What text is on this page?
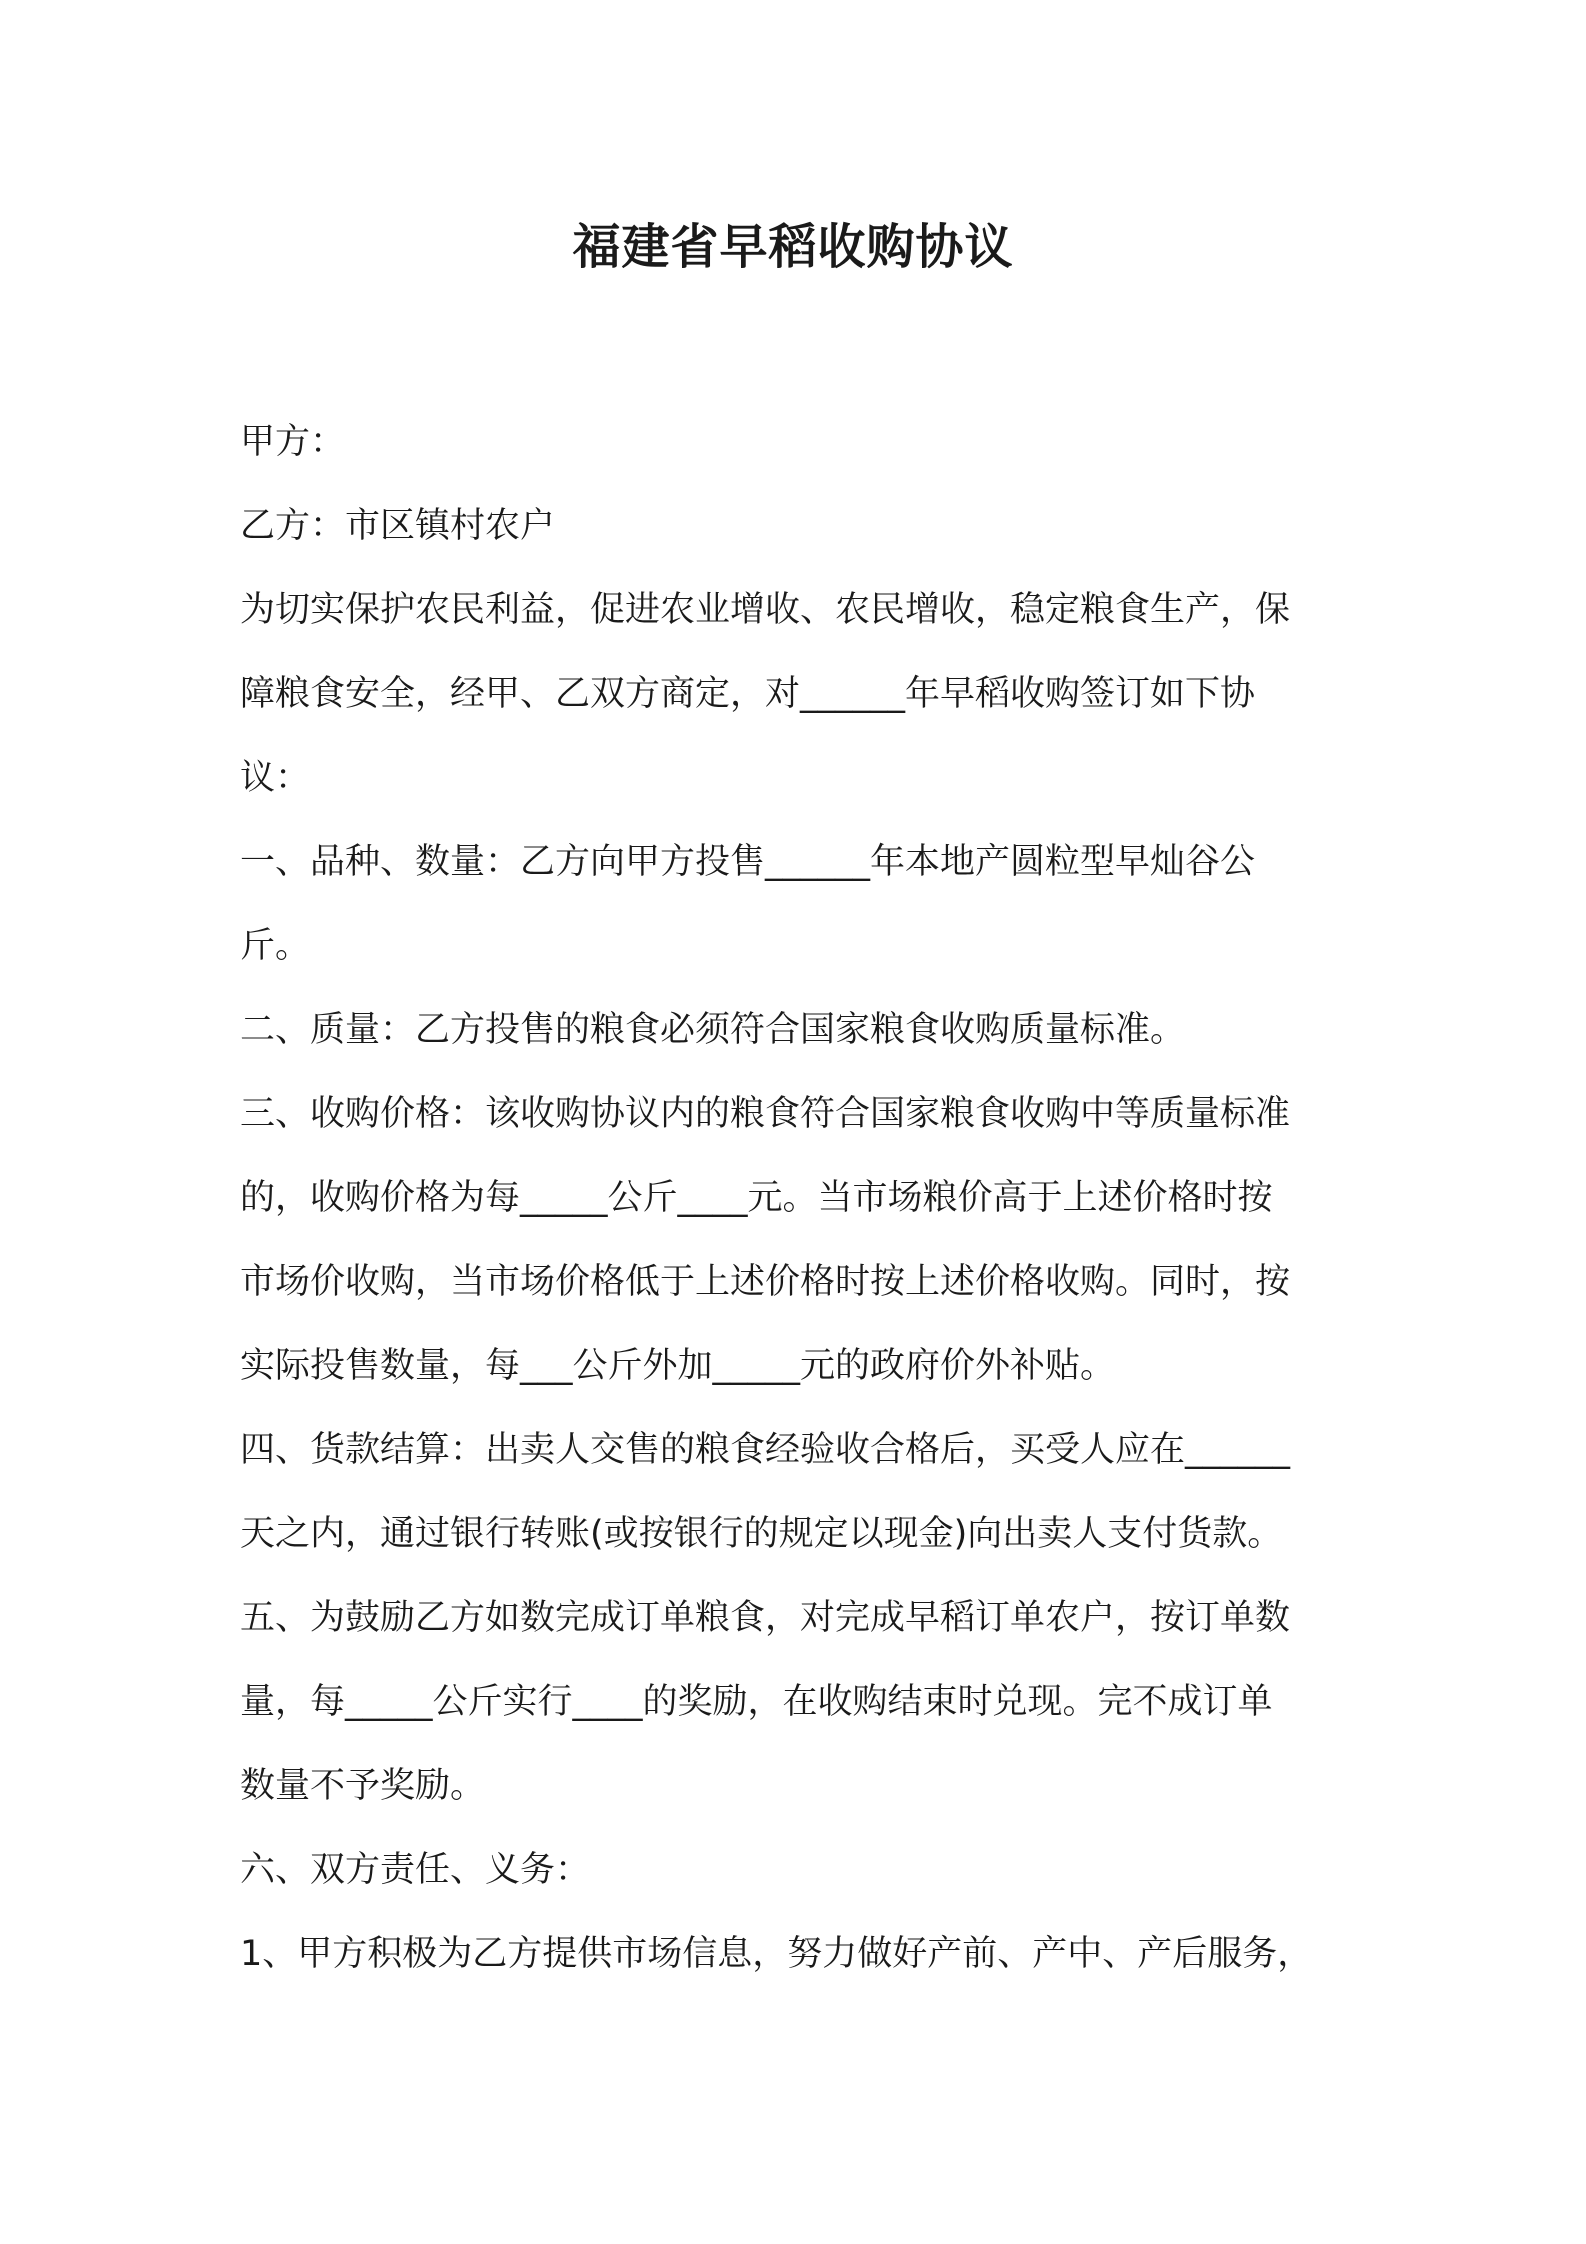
福建省早稻收购协议
甲方：
乙方：市区镇村农户
为切实保护农民利益，促进农业增收、农民增收，稳定粮食生产，保
障粮食安全，经甲、乙双方商定，对______年早稻收购签订如下协
议：
一、品种、数量：乙方向甲方投售______年本地产圆粒型早灿谷公
斤。
二、质量：乙方投售的粮食必须符合国家粮食收购质量标准。
三、收购价格：该收购协议内的粮食符合国家粮食收购中等质量标准
的，收购价格为每_____公斤____元。当市场粮价高于上述价格时按
市场价收购，当市场价格低于上述价格时按上述价格收购。同时，按
实际投售数量，每___公斤外加_____元的政府价外补贴。
四、货款结算：出卖人交售的粮食经验收合格后，买受人应在______
天之内，通过银行转账(或按银行的规定以现金)向出卖人支付货款。
五、为鼓励乙方如数完成订单粮食，对完成早稻订单农户，按订单数
量，每_____公斤实行____的奖励，在收购结束时兑现。完不成订单
数量不予奖励。
六、双方责任、义务：
1、甲方积极为乙方提供市场信息，努力做好产前、产中、产后服务，
